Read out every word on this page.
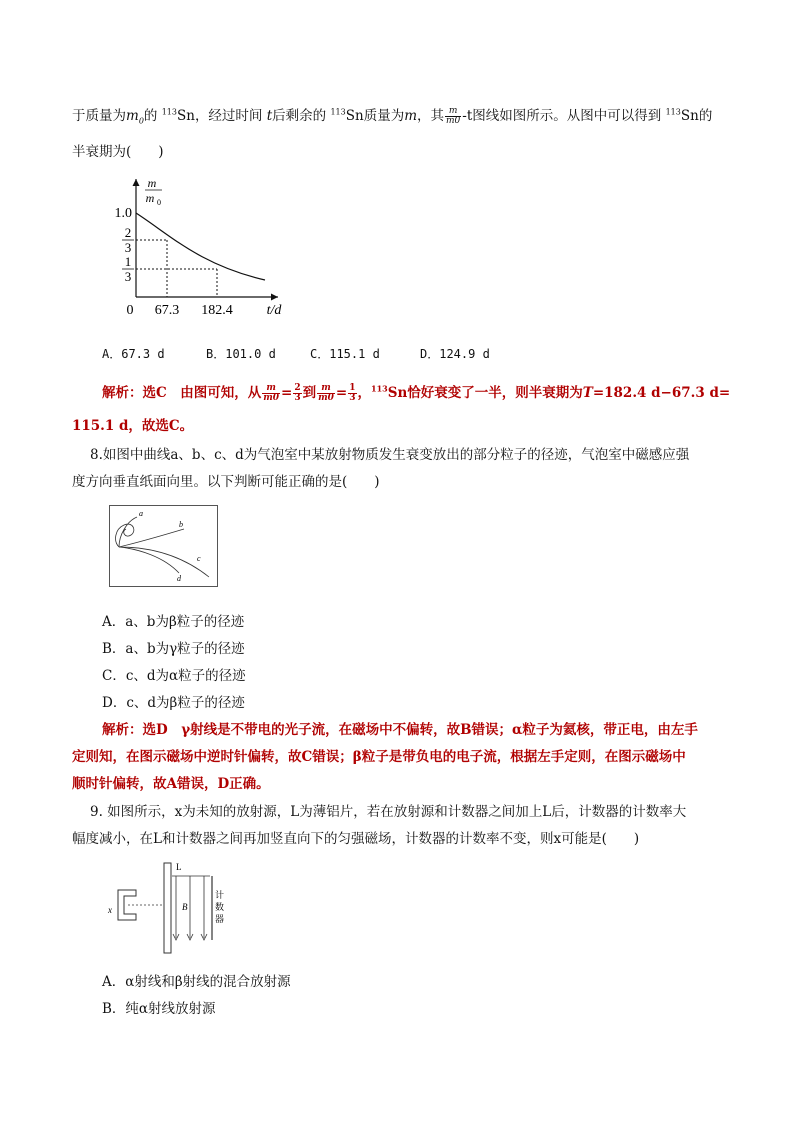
于质量为$m_0$的 $^{113}$Sn，经过时间 t后剩余的 $^{113}$Sn质量为m，其 $\frac{m}{m0} -t$图线如图所示。从图中可以得到 $^{113}$Sn的
半衰期为(　　)
m
m 0
1.0
2
3
1
3
0 67.3 182.4 t/d
A．67.3 d	B．101.0 d	C．115.1 d	D．124.9 d
解析：选C　由图可知，从 $\frac{m}{m0} = \frac{2}{3}$ 到 $\frac{m}{m0} = \frac{1}{3}$ ，$^{113}$Sn恰好衰变了一半，则半衰期为T=182.4 d−67.3 d=
115.1 d，故选C。
8.如图中曲线a、b、c、d为气泡室中某放射物质发生衰变放出的部分粒子的径迹，气泡室中磁感应强
度方向垂直纸面向里。以下判断可能正确的是(　　)
a
b
c
d
A．a、b为β粒子的径迹
B．a、b为γ粒子的径迹
C．c、d为α粒子的径迹
D．c、d为β粒子的径迹
解析：选D　γ射线是不带电的光子流，在磁场中不偏转，故B错误；α粒子为氦核，带正电，由左手
定则知，在图示磁场中逆时针偏转，故C错误；β粒子是带负电的电子流，根据左手定则，在图示磁场中
顺时针偏转，故A错误，D正确。
9. 如图所示，x为未知的放射源，L为薄铝片，若在放射源和计数器之间加上L后，计数器的计数率大
幅度减小，在L和计数器之间再加竖直向下的匀强磁场，计数器的计数率不变，则x可能是(　　)
x
L
B
计
数
器
A．α射线和β射线的混合放射源
B．纯α射线放射源
